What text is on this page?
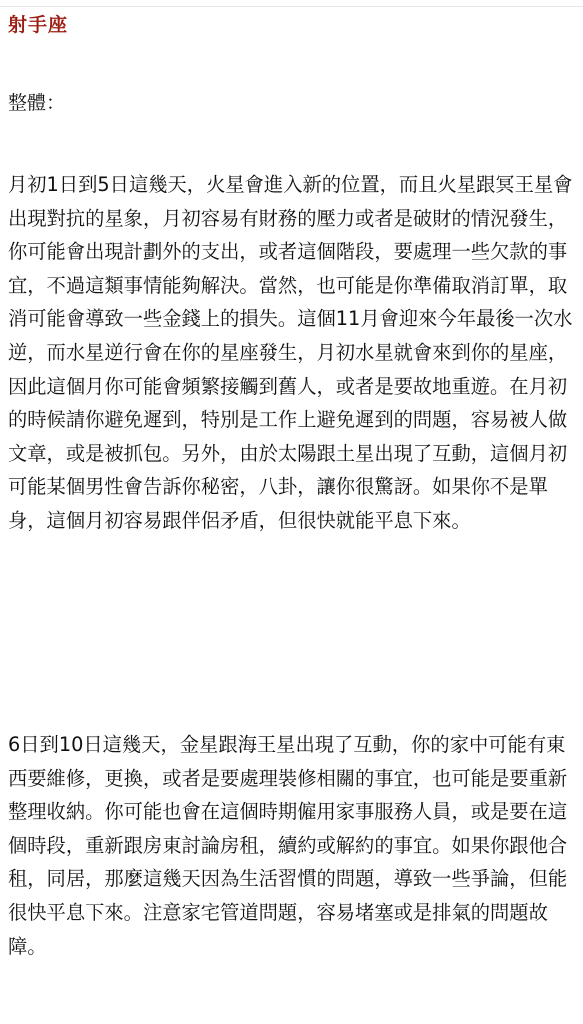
射手座

整體：

月初1日到5日這幾天，火星會進入新的位置，而且火星跟冥王星會出現對抗的星象，月初容易有財務的壓力或者是破財的情況發生，你可能會出現計劃外的支出，或者這個階段，要處理一些欠款的事宜，不過這類事情能夠解決。當然，也可能是你準備取消訂單，取消可能會導致一些金錢上的損失。這個11月會迎來今年最後一次水逆，而水星逆行會在你的星座發生，月初水星就會來到你的星座，因此這個月你可能會頻繁接觸到舊人，或者是要故地重遊。在月初的時候請你避免遲到，特別是工作上避免遲到的問題，容易被人做文章，或是被抓包。另外，由於太陽跟土星出現了互動，這個月初可能某個男性會告訴你秘密，八卦，讓你很驚訝。如果你不是單身，這個月初容易跟伴侶矛盾，但很快就能平息下來。

6日到10日這幾天，金星跟海王星出現了互動，你的家中可能有東西要維修，更換，或者是要處理裝修相關的事宜，也可能是要重新整理收納。你可能也會在這個時期僱用家事服務人員，或是要在這個時段，重新跟房東討論房租，續約或解約的事宜。如果你跟他合租，同居，那麼這幾天因為生活習慣的問題，導致一些爭論，但能很快平息下來。注意家宅管道問題，容易堵塞或是排氣的問題故障。
